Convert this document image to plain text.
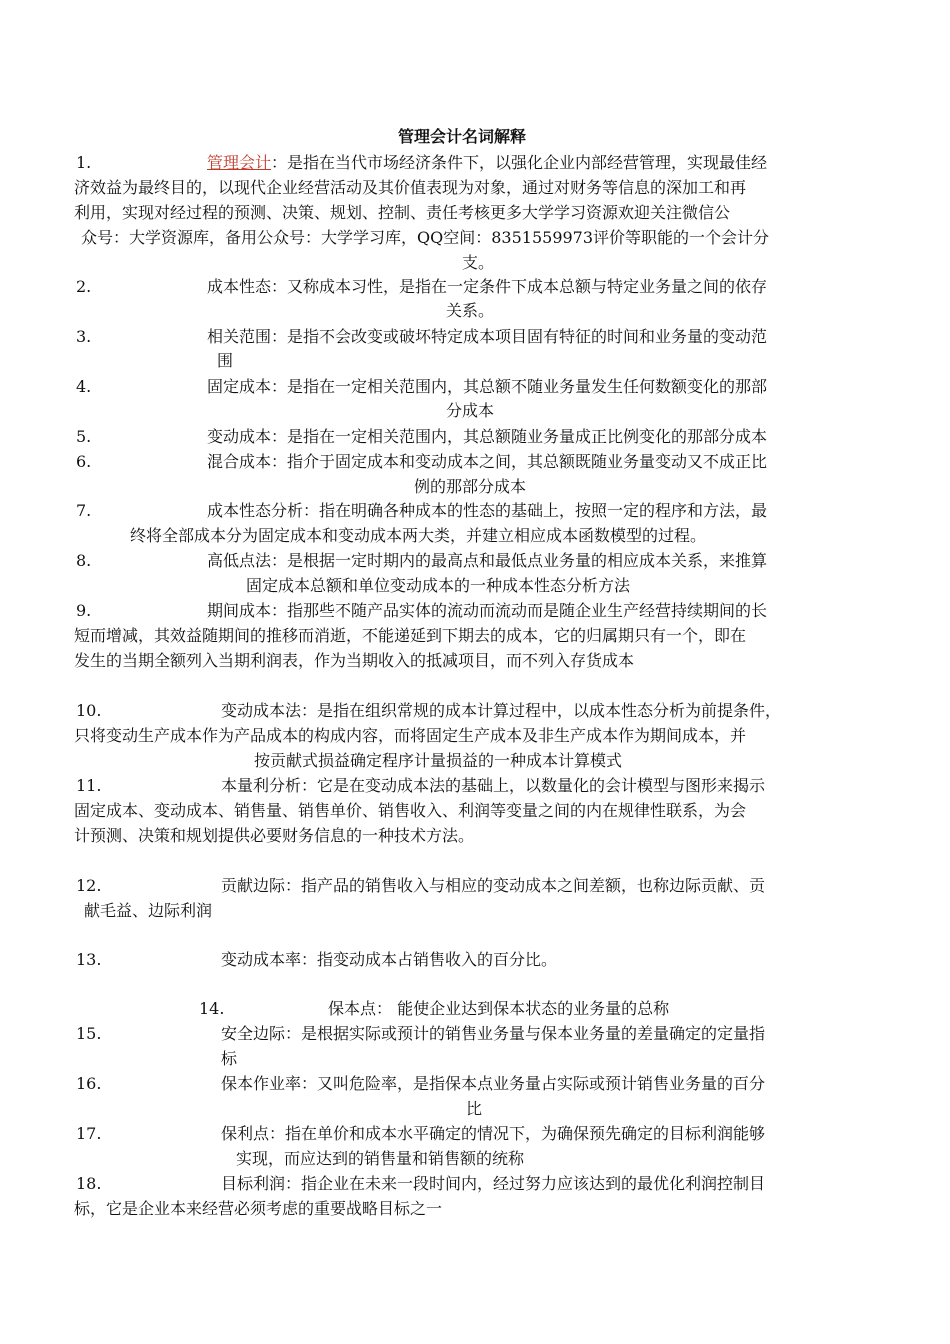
管理会计名词解释
1.	管理会计 ：是指在当代市场经济条件下，以强化企业内部经营管理，实现最佳经
济效益为最终目的，以现代企业经营活动及其价值表现为对象，通过对财务等信息的深加工和再
利用，实现对经过程的预测、决策、规划、控制、责任考核更多大学学习资源欢迎关注微信公
众号：大学资源库，备用公众号：大学学习库，QQ空间：8351559973评价等职能的一个会计分
支。
2.	成本性态 ：又称成本习性，是指在一定条件下成本总额与特定业务量之间的依存
关系。
3.	相关范围 ：是指不会改变或破坏特定成本项目固有特征的时间和业务量的变动范
围
4.	固定成本 ：是指在一定相关范围内，其总额不随业务量发生任何数额变化的那部
分成本
5.	变动成本 ：是指在一定相关范围内，其总额随业务量成正比例变化的那部分成本
6.	混合成本 ：指介于固定成本和变动成本之间，其总额既随业务量变动又不成正比
例的那部分成本
7.	成本性态分析 ：指在明确各种成本的性态的基础上，按照一定的程序和方法，最
终将全部成本分为固定成本和变动成本两大类，并建立相应成本函数模型的过程。
8.	高低点法 ：是根据一定时期内的最高点和最低点业务量的相应成本关系，来推算
固定成本总额和单位变动成本的一种成本性态分析方法
9.	期间成本 ：指那些不随产品实体的流动而流动而是随企业生产经营持续期间的长
短而增减，其效益随期间的推移而消逝，不能递延到下期去的成本，它的归属期只有一个，即在
发生的当期全额列入当期利润表，作为当期收入的抵减项目，而不列入存货成本
10.	变动成本法 ：是指在组织常规的成本计算过程中，以成本性态分析为前提条件，
只将变动生产成本作为产品成本的构成内容，而将固定生产成本及非生产成本作为期间成本，并
按贡献式损益确定程序计量损益的一种成本计算模式
11.	本量利分析 ：它是在变动成本法的基础上，以数量化的会计模型与图形来揭示
固定成本、变动成本、销售量、销售单价、销售收入、利润等变量之间的内在规律性联系，为会
计预测、决策和规划提供必要财务信息的一种技术方法。
12.	贡献边际 ：指产品的销售收入与相应的变动成本之间差额，也称边际贡献、贡
献毛益、边际利润
13.	变动成本率 ：指变动成本占销售收入的百分比。
14.	保本点 ： 能使企业达到保本状态的业务量的总称
15.	安全边际 ：是根据实际或预计的销售业务量与保本业务量的差量确定的定量指
标
16.	保本作业率 ：又叫危险率，是指保本点业务量占实际或预计销售业务量的百分
比
17.	保利点 ：指在单价和成本水平确定的情况下，为确保预先确定的目标利润能够
实现，而应达到的销售量和销售额的统称
18.	目标利润 ：指企业在未来一段时间内，经过努力应该达到的最优化利润控制目
标，它是企业本来经营必须考虑的重要战略目标之一
